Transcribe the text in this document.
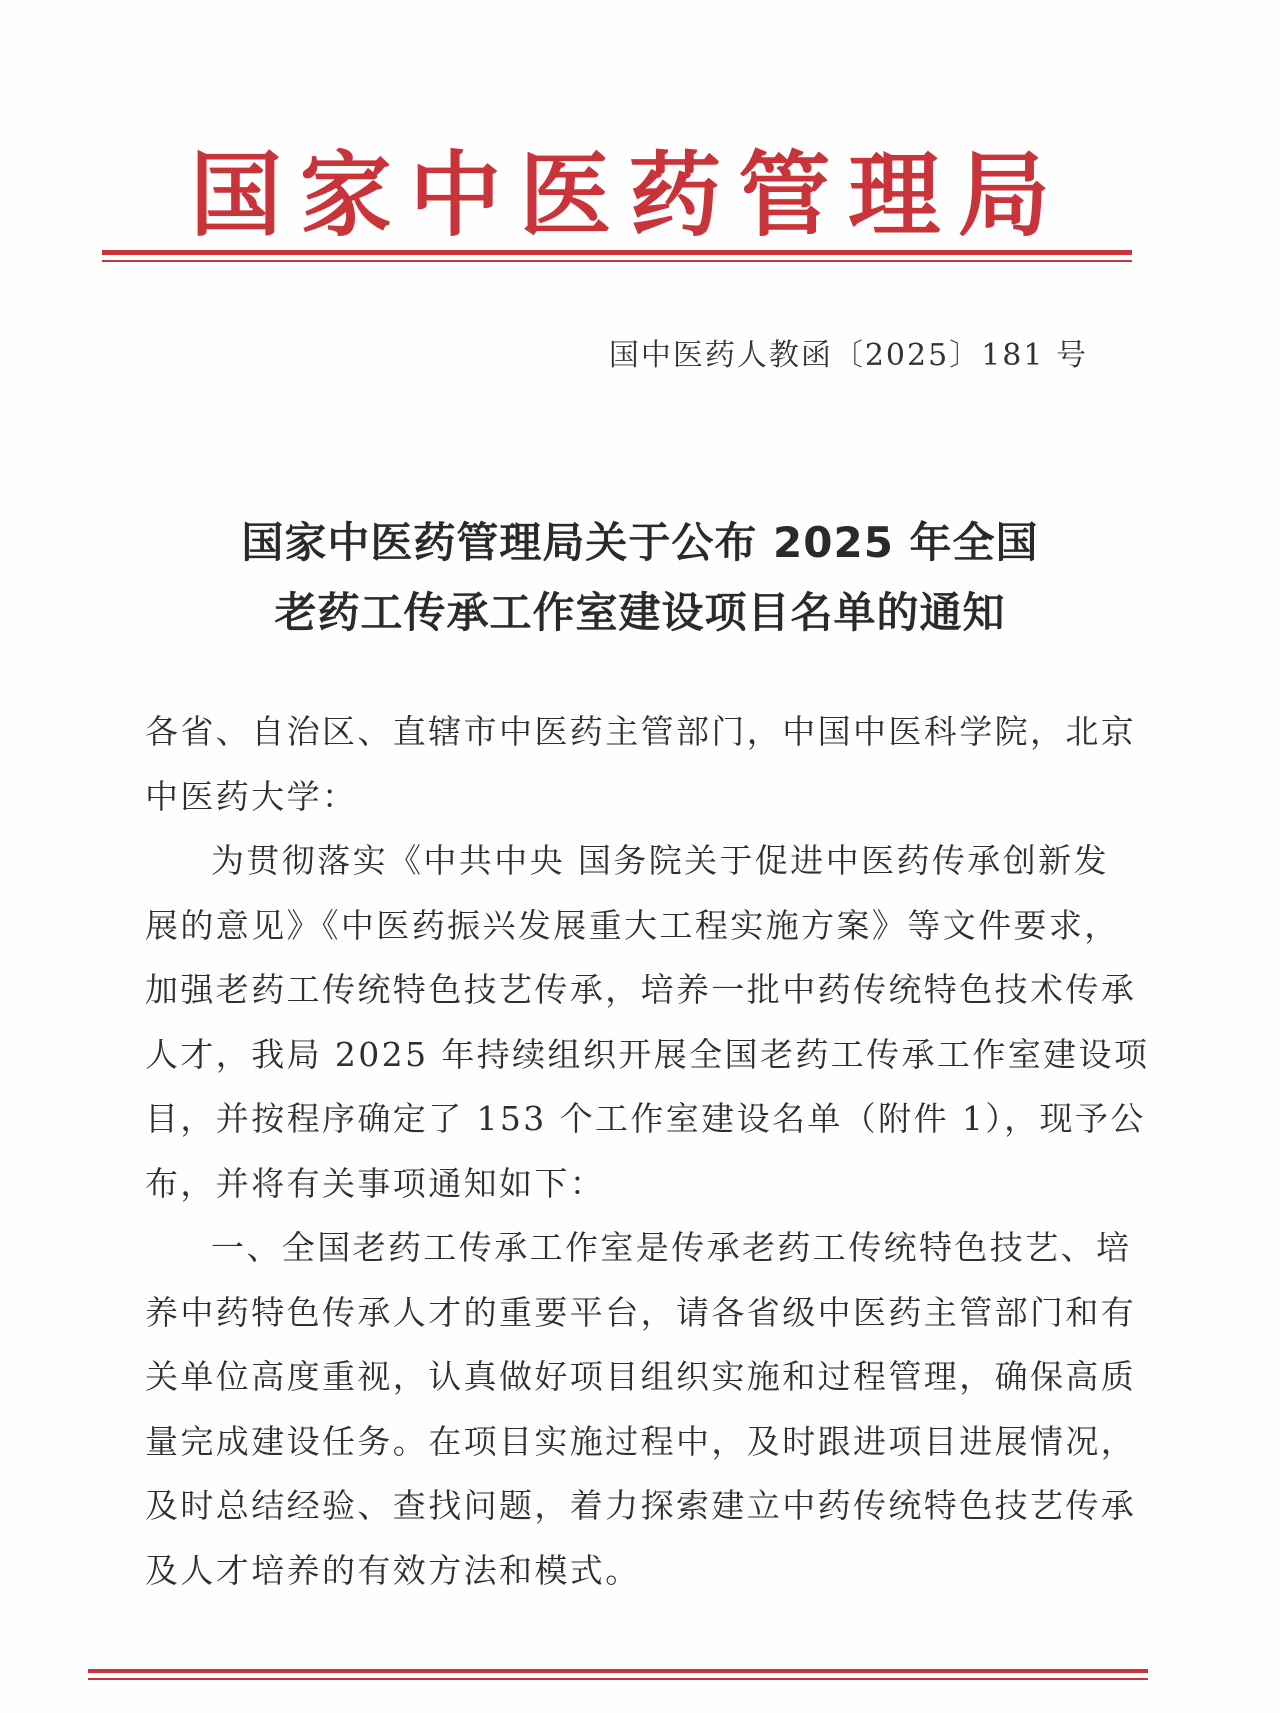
国 家 中 医 药 管 理 局
国中医药人教函〔2025〕181 号
国家中医药管理局关于公布 2025 年全国
老药工传承工作室建设项目名单的通知
各省、自治区、直辖市中医药主管部门，中国中医科学院，北京
中医药大学：
为贯彻落实《中共中央 国务院关于促进中医药传承创新发
展的意见》《中医药振兴发展重大工程实施方案》等文件要求，
加强老药工传统特色技艺传承，培养一批中药传统特色技术传承
人才，我局 2025 年持续组织开展全国老药工传承工作室建设项
目，并按程序确定了 153 个工作室建设名单（附件 1），现予公
布，并将有关事项通知如下：
一、全国老药工传承工作室是传承老药工传统特色技艺、培
养中药特色传承人才的重要平台，请各省级中医药主管部门和有
关单位高度重视，认真做好项目组织实施和过程管理，确保高质
量完成建设任务。在项目实施过程中，及时跟进项目进展情况，
及时总结经验、查找问题，着力探索建立中药传统特色技艺传承
及人才培养的有效方法和模式。
